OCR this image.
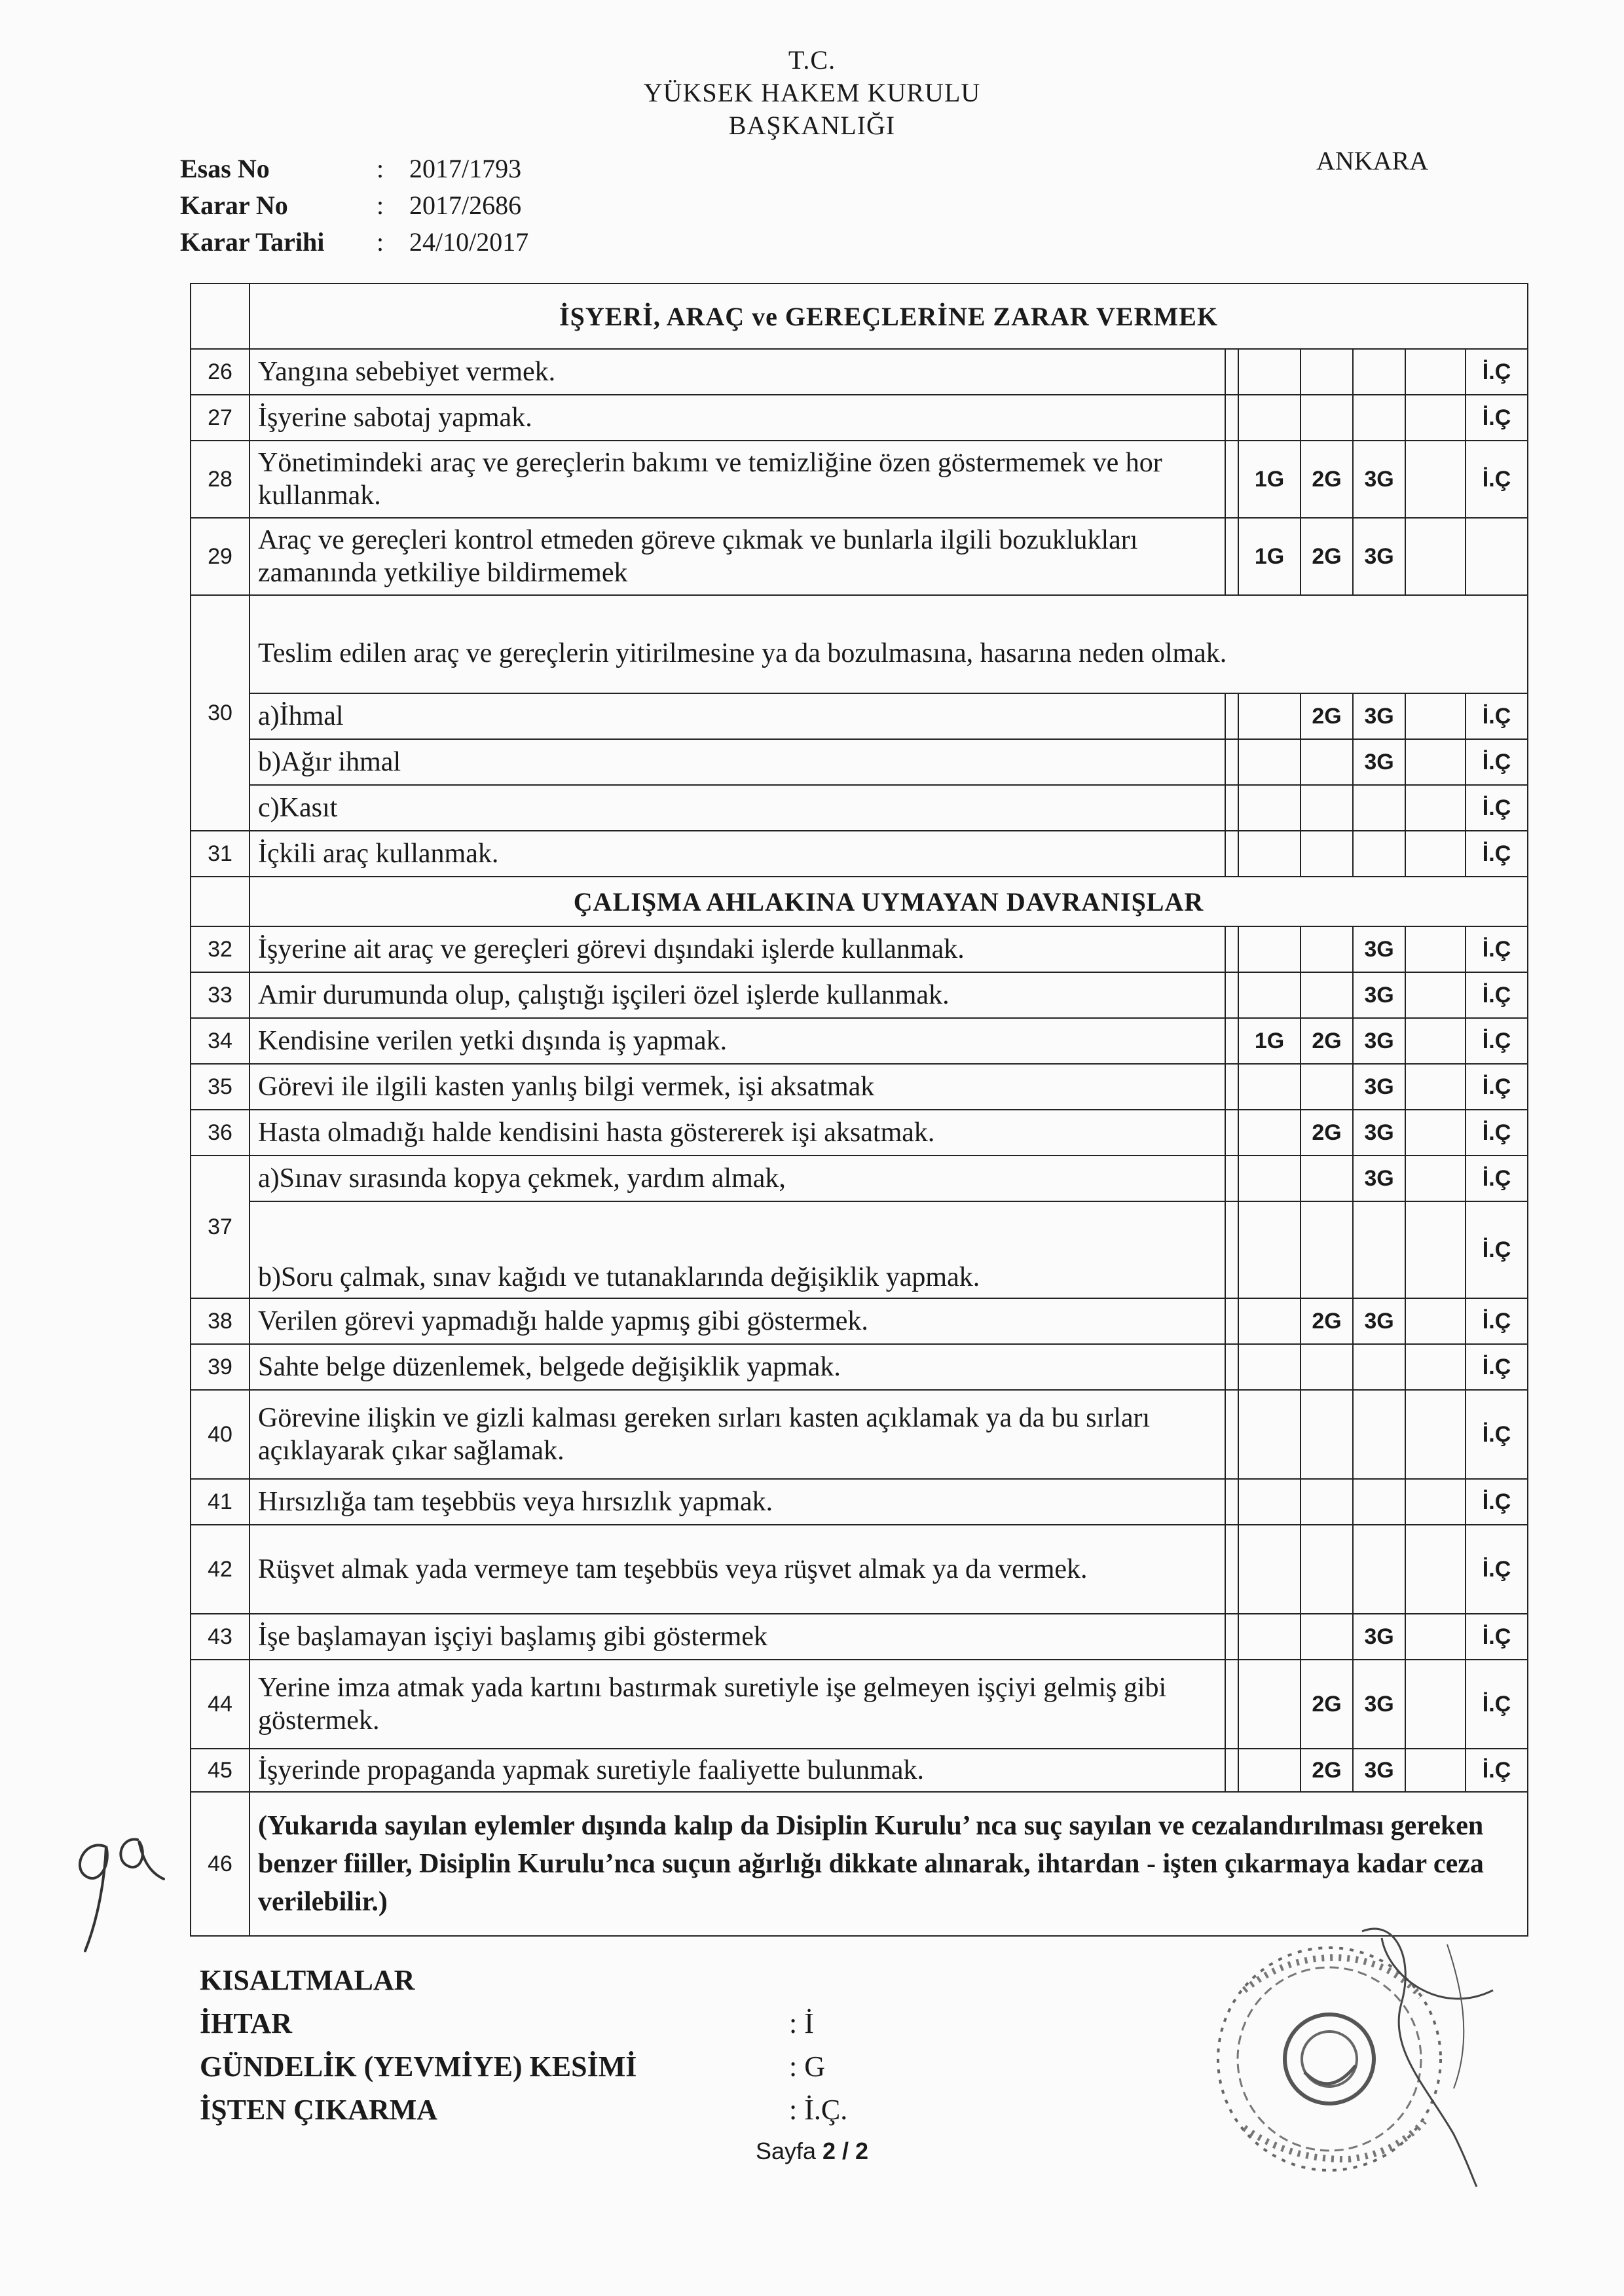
T.C.
YÜKSEK HAKEM KURULU
BAŞKANLIĞI
ANKARA
Esas No	: 2017/1793
Karar No	: 2017/2686
Karar Tarihi : 24/10/2017
	İŞYERİ, ARAÇ ve GEREÇLERİNE ZARAR VERMEK						
26	Yangına sebebiyet vermek.						İ.Ç
27	İşyerine sabotaj yapmak.						İ.Ç
28	Yönetimindeki araç ve gereçlerin bakımı ve temizliğine özen göstermemek ve hor kullanmak.		1G	2G	3G		İ.Ç
29	Araç ve gereçleri kontrol etmeden göreve çıkmak ve bunlarla ilgili bozuklukları zamanında yetkiliye bildirmemek		1G	2G	3G		
30	Teslim edilen araç ve gereçlerin yitirilmesine ya da bozulmasına, hasarına neden olmak.						
	a)İhmal			2G	3G		İ.Ç
	b)Ağır ihmal				3G		İ.Ç
	c)Kasıt						İ.Ç
31	İçkili araç kullanmak.						İ.Ç
	ÇALIŞMA AHLAKINA UYMAYAN DAVRANIŞLAR						
32	İşyerine ait araç ve gereçleri görevi dışındaki işlerde kullanmak.				3G		İ.Ç
33	Amir durumunda olup, çalıştığı işçileri özel işlerde kullanmak.				3G		İ.Ç
34	Kendisine verilen yetki dışında iş yapmak.		1G	2G	3G		İ.Ç
35	Görevi ile ilgili kasten yanlış bilgi vermek, işi aksatmak				3G		İ.Ç
36	Hasta olmadığı halde kendisini hasta göstererek işi aksatmak.			2G	3G		İ.Ç
37	a)Sınav sırasında kopya çekmek, yardım almak,				3G		İ.Ç
	b)Soru çalmak, sınav kağıdı ve tutanaklarında değişiklik yapmak.						İ.Ç
38	Verilen görevi yapmadığı halde yapmış gibi göstermek.			2G	3G		İ.Ç
39	Sahte belge düzenlemek, belgede değişiklik yapmak.						İ.Ç
40	Görevine ilişkin ve gizli kalması gereken sırları kasten açıklamak ya da bu sırları açıklayarak çıkar sağlamak.						İ.Ç
41	Hırsızlığa tam teşebbüs veya hırsızlık yapmak.						İ.Ç
42	Rüşvet almak yada vermeye tam teşebbüs veya rüşvet almak ya da vermek.						İ.Ç
43	İşe başlamayan işçiyi başlamış gibi göstermek				3G		İ.Ç
44	Yerine imza atmak yada kartını bastırmak suretiyle işe gelmeyen işçiyi gelmiş gibi göstermek.			2G	3G		İ.Ç
45	İşyerinde propaganda yapmak suretiyle faaliyette bulunmak.			2G	3G		İ.Ç
46	(Yukarıda sayılan eylemler dışında kalıp da Disiplin Kurulu’ nca suç sayılan ve cezalandırılması gereken benzer fiiller, Disiplin Kurulu’nca suçun ağırlığı dikkate alınarak, ihtardan - işten çıkarmaya kadar ceza verilebilir.)						
KISALTMALAR
İHTAR	: İ
GÜNDELİK (YEVMİYE) KESİMİ	: G
İŞTEN ÇIKARMA	: İ.Ç.
Sayfa 2 / 2
